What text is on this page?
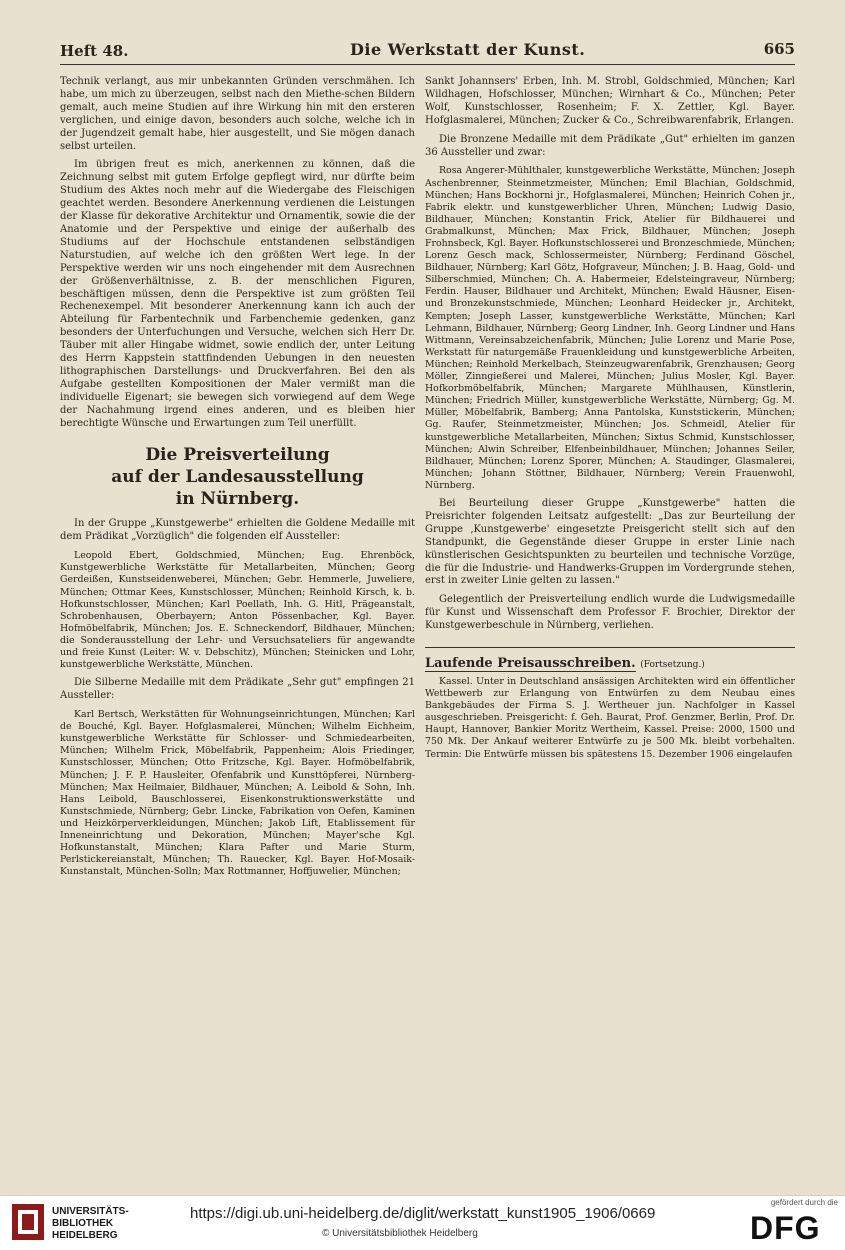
Heft 48.	Die Werkstatt der Kunst.	665

Technik verlangt, aus mir unbekannten Gründen verschmähen. Ich habe, um mich zu überzeugen, selbst nach den Miethe-schen Bildern gemalt, auch meine Studien auf ihre Wirkung hin mit den ersteren verglichen, und einige davon, besonders auch solche, welche ich in der Jugendzeit gemalt habe, hier ausgestellt, und Sie mögen danach selbst urteilen.

Im übrigen freut es mich, anerkennen zu können, daß die Zeichnung selbst mit gutem Erfolge gepflegt wird, nur dürfte beim Studium des Aktes noch mehr auf die Wiedergabe des Fleischigen geachtet werden. Besondere Anerkennung verdienen die Leistungen der Klasse für dekorative Architektur und Ornamentik, sowie die der Anatomie und der Perspektive und einige der außerhalb des Studiums auf der Hochschule entstandenen selbständigen Naturstudien, auf welche ich den größten Wert lege. In der Perspektive werden wir uns noch eingehender mit dem Ausrechnen der Größenverhältnisse, z. B. der menschlichen Figuren, beschäftigen müssen, denn die Perspektive ist zum größten Teil Rechenexempel. Mit besonderer Anerkennung kann ich auch der Abteilung für Farbentechnik und Farbenchemie gedenken, ganz besonders der Unterfuchungen und Versuche, welchen sich Herr Dr. Täuber mit aller Hingabe widmet, sowie endlich der, unter Leitung des Herrn Kappstein stattfindenden Uebungen in den neuesten lithographischen Darstellungs- und Druckverfahren. Bei den als Aufgabe gestellten Kompositionen der Maler vermißt man die individuelle Eigenart; sie bewegen sich vorwiegend auf dem Wege der Nachahmung irgend eines anderen, und es bleiben hier berechtigte Wünsche und Erwartungen zum Teil unerfüllt.

Die Preisverteilung
auf der Landesausstellung
in Nürnberg.

In der Gruppe „Kunstgewerbe" erhielten die Goldene Medaille mit dem Prädikat „Vorzüglich" die folgenden elf Aussteller:

Leopold Ebert, Goldschmied, München; Eug. Ehrenböck, Kunstgewerbliche Werkstätte für Metallarbeiten, München; Georg Gerdeißen, Kunstseidenweberei, München; Gebr. Hemmerle, Juweliere, München; Ottmar Kees, Kunstschlosser, München; Reinhold Kirsch, k. b. Hofkunstschlosser, München; Karl Poellath, Inh. G. Hitl, Prägeanstalt, Schrobenhausen, Oberbayern; Anton Pössenbacher, Kgl. Bayer. Hofmöbelfabrik, München; Jos. E. Schneckendorf, Bildhauer, München; die Sonderausstellung der Lehr- und Versuchsateliers für angewandte und freie Kunst (Leiter: W. v. Debschitz), München; Steinicken und Lohr, kunstgewerbliche Werkstätte, München.

Die Silberne Medaille mit dem Prädikate „Sehr gut" empfingen 21 Aussteller:

Karl Bertsch, Werkstätten für Wohnungseinrichtungen, München; Karl de Bouché, Kgl. Bayer. Hofglasmalerei, München; Wilhelm Eichheim, kunstgewerbliche Werkstätte für Schlosser- und Schmiedearbeiten, München; Wilhelm Frick, Möbelfabrik, Pappenheim; Alois Friedinger, Kunstschlosser, München; Otto Fritzsche, Kgl. Bayer. Hofmöbelfabrik, München; J. F. P. Hausleiter, Ofenfabrik und Kunsttöpferei, Nürnberg-München; Max Heilmaier, Bildhauer, München; A. Leibold & Sohn, Inh. Hans Leibold, Bauschlosserei, Eisenkonstruktionswerkstätte und Kunstschmiede, Nürnberg; Gebr. Lincke, Fabrikation von Oefen, Kaminen und Heizkörperverkleidungen, München; Jakob Lift, Etablissement für Inneneinrichtung und Dekoration, München; Mayer'sche Kgl. Hofkunstanstalt, München; Klara Pafter und Marie Sturm, Perlstickereianstalt, München; Th. Rauecker, Kgl. Bayer. Hof-Mosaik-Kunstanstalt, München-Solln; Max Rottmanner, Hoffjuwelier, München;

Sankt Johannsers' Erben, Inh. M. Strobl, Goldschmied, München; Karl Wildhagen, Hofschlosser, München; Wirnhart & Co., München; Peter Wolf, Kunstschlosser, Rosenheim; F. X. Zettler, Kgl. Bayer. Hofglasmalerei, München; Zucker & Co., Schreibwarenfabrik, Erlangen.

Die Bronzene Medaille mit dem Prädikate „Gut" erhielten im ganzen 36 Aussteller und zwar:

Rosa Angerer-Mühlthaler, kunstgewerbliche Werkstätte, München; Joseph Aschenbrenner, Steinmetzmeister, München; Emil Blachian, Goldschmid, München; Hans Bockhorni jr., Hofglasmalerei, München; Heinrich Cohen jr., Fabrik elektr. und kunstgewerblicher Uhren, München; Ludwig Dasio, Bildhauer, München; Konstantin Frick, Atelier für Bildhauerei und Grabmalkunst, München; Max Frick, Bildhauer, München; Joseph Frohnsbeck, Kgl. Bayer. Hofkunstschlosserei und Bronzeschmiede, München; Lorenz Gesch mack, Schlossermeister, Nürnberg; Ferdinand Göschel, Bildhauer, Nürnberg; Karl Götz, Hofgraveur, München; J. B. Haag, Gold- und Silberschmied, München; Ch. A. Habermeier, Edelsteingraveur, Nürnberg; Ferdin. Hauser, Bildhauer und Architekt, München; Ewald Häusner, Eisen- und Bronzekunstschmiede, München; Leonhard Heidecker jr., Architekt, Kempten; Joseph Lasser, kunstgewerbliche Werkstätte, München; Karl Lehmann, Bildhauer, Nürnberg; Georg Lindner, Inh. Georg Lindner und Hans Wittmann, Vereinsabzeichenfabrik, München; Julie Lorenz und Marie Pose, Werkstatt für naturgemäße Frauenkleidung und kunstgewerbliche Arbeiten, München; Reinhold Merkelbach, Steinzeugwarenfabrik, Grenzhausen; Georg Möller, Zinngießerei und Malerei, München; Julius Mosler, Kgl. Bayer. Hofkorbmöbelfabrik, München; Margarete Mühlhausen, Künstlerin, München; Friedrich Müller, kunstgewerbliche Werkstätte, Nürnberg; Gg. M. Müller, Möbelfabrik, Bamberg; Anna Pantolska, Kunststickerin, München; Gg. Raufer, Steinmetzmeister, München; Jos. Schmeidl, Atelier für kunstgewerbliche Metallarbeiten, München; Sixtus Schmid, Kunstschlosser, München; Alwin Schreiber, Elfenbeinbildhauer, München; Johannes Seiler, Bildhauer, München; Lorenz Sporer, München; A. Staudinger, Glasmalerei, München; Johann Stöttner, Bildhauer, Nürnberg; Verein Frauenwohl, Nürnberg.

Bei Beurteilung dieser Gruppe „Kunstgewerbe" hatten die Preisrichter folgenden Leitsatz aufgestellt: „Das zur Beurteilung der Gruppe ‚Kunstgewerbe' eingesetzte Preisgericht stellt sich auf den Standpunkt, die Gegenstände dieser Gruppe in erster Linie nach künstlerischen Gesichtspunkten zu beurteilen und technische Vorzüge, die für die Industrie- und Handwerks-Gruppen im Vordergrunde stehen, erst in zweiter Linie gelten zu lassen."

Gelegentlich der Preisverteilung endlich wurde die Ludwigsmedaille für Kunst und Wissenschaft dem Professor F. Brochier, Direktor der Kunstgewerbeschule in Nürnberg, verliehen.

Laufende Preisausschreiben. (Fortsetzung.)

Kassel. Unter in Deutschland ansässigen Architekten wird ein öffentlicher Wettbewerb zur Erlangung von Entwürfen zu dem Neubau eines Bankgebäudes der Firma S. J. Wertheuer jun. Nachfolger in Kassel ausgeschrieben. Preisgericht: f. Geh. Baurat, Prof. Genzmer, Berlin, Prof. Dr. Haupt, Hannover, Bankier Moritz Wertheim, Kassel. Preise: 2000, 1500 und 750 Mk. Der Ankauf weiterer Entwürfe zu je 500 Mk. bleibt vorbehalten. Termin: Die Entwürfe müssen bis spätestens 15. Dezember 1906 eingelaufen

UNIVERSITÄTS-
BIBLIOTHEK
HEIDELBERG
https://digi.ub.uni-heidelberg.de/diglit/werkstatt_kunst1905_1906/0669
© Universitätsbibliothek Heidelberg
gefördert durch die
DFG
